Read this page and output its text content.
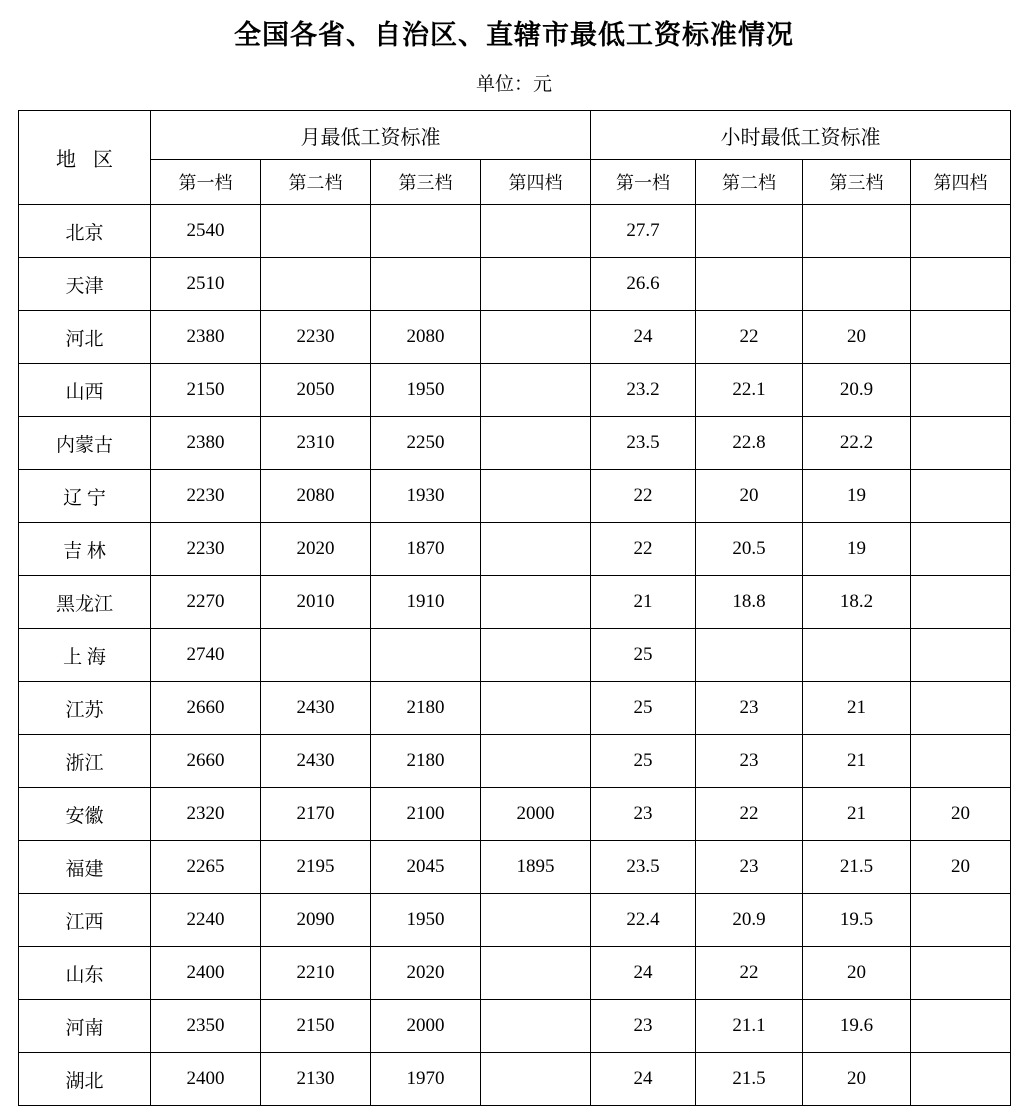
全国各省、自治区、直辖市最低工资标准情况
单位：元
地 区	月最低工资标准				小时最低工资标准			
	第一档	第二档	第三档	第四档	第一档	第二档	第三档	第四档
北京	2540				27.7			
天津	2510				26.6			
河北	2380	2230	2080		24	22	20	
山西	2150	2050	1950		23.2	22.1	20.9	
内蒙古	2380	2310	2250		23.5	22.8	22.2	
辽 宁	2230	2080	1930		22	20	19	
吉 林	2230	2020	1870		22	20.5	19	
黑龙江	2270	2010	1910		21	18.8	18.2	
上 海	2740				25			
江苏	2660	2430	2180		25	23	21	
浙江	2660	2430	2180		25	23	21	
安徽	2320	2170	2100	2000	23	22	21	20
福建	2265	2195	2045	1895	23.5	23	21.5	20
江西	2240	2090	1950		22.4	20.9	19.5	
山东	2400	2210	2020		24	22	20	
河南	2350	2150	2000		23	21.1	19.6	
湖北	2400	2130	1970		24	21.5	20	
